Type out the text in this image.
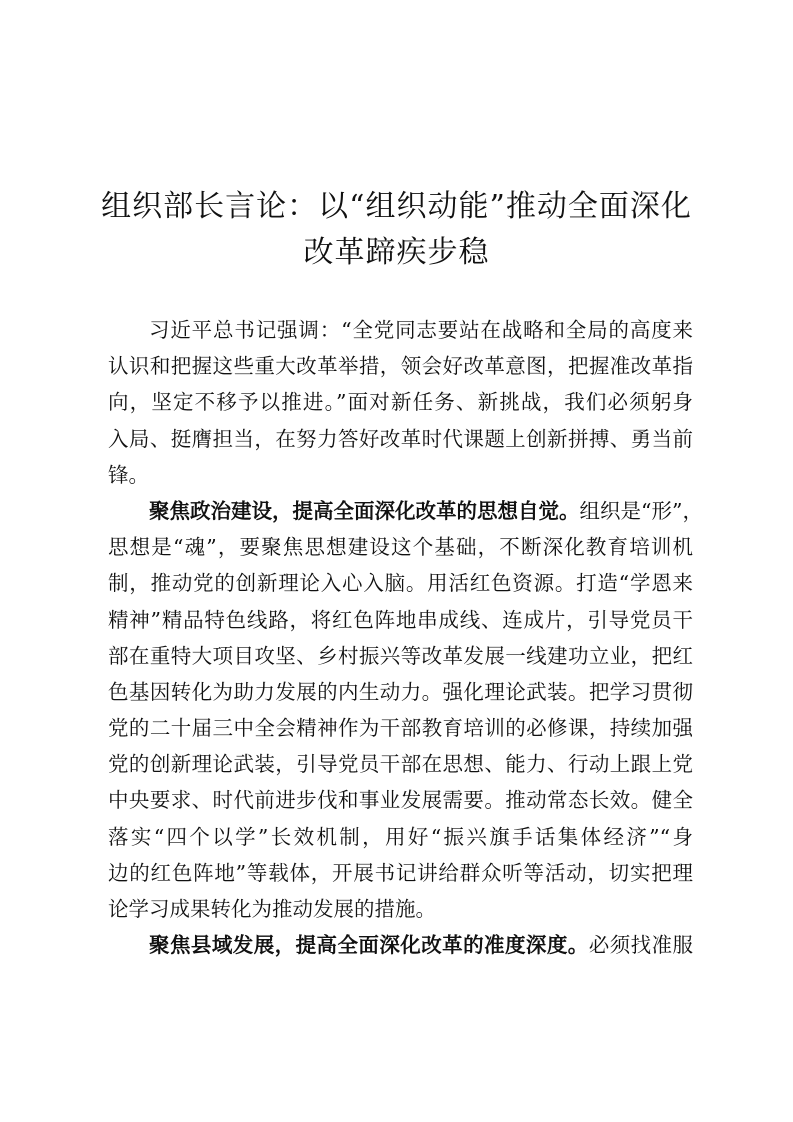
组织部长言论：以“组织动能”推动全面深化
改革蹄疾步稳
习近平总书记强调：“全党同志要站在战略和全局的高度来
认识和把握这些重大改革举措，领会好改革意图，把握准改革指
向，坚定不移予以推进。”面对新任务、新挑战，我们必须躬身
入局、挺膺担当，在努力答好改革时代课题上创新拼搏、勇当前
锋。
聚焦政治建设，提高全面深化改革的思想自觉。组织是“形”，
思想是“魂”，要聚焦思想建设这个基础，不断深化教育培训机
制，推动党的创新理论入心入脑。用活红色资源。打造“学恩来
精神”精品特色线路，将红色阵地串成线、连成片，引导党员干
部在重特大项目攻坚、乡村振兴等改革发展一线建功立业，把红
色基因转化为助力发展的内生动力。强化理论武装。把学习贯彻
党的二十届三中全会精神作为干部教育培训的必修课，持续加强
党的创新理论武装，引导党员干部在思想、能力、行动上跟上党
中央要求、时代前进步伐和事业发展需要。推动常态长效。健全
落实“四个以学”长效机制，用好“振兴旗手话集体经济”“身
边的红色阵地”等载体，开展书记讲给群众听等活动，切实把理
论学习成果转化为推动发展的措施。
聚焦县域发展，提高全面深化改革的准度深度。必须找准服
